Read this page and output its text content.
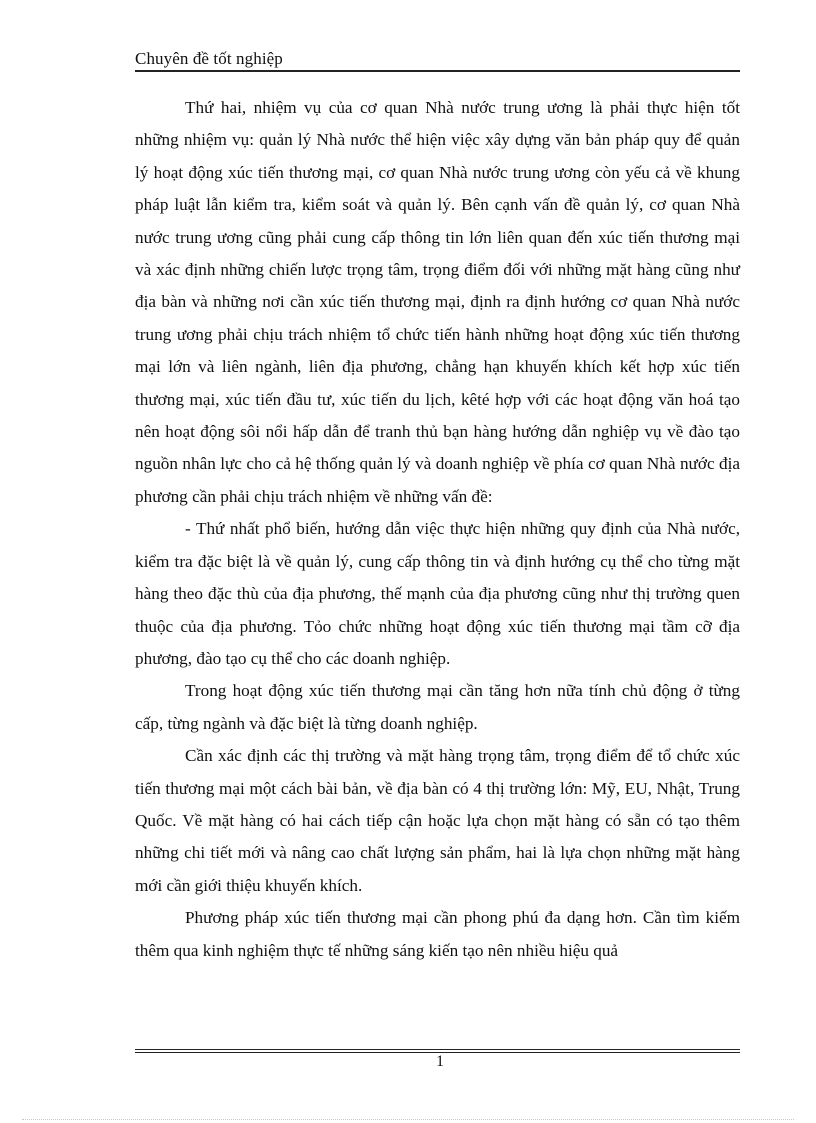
Chuyên đề tốt nghiệp

Thứ hai, nhiệm vụ của cơ quan Nhà nước trung ương là phải thực hiện tốt những nhiệm vụ: quản lý Nhà nước thể hiện việc xây dựng văn bản pháp quy để quản lý hoạt động xúc tiến thương mại, cơ quan Nhà nước trung ương còn yếu cả về khung pháp luật lẫn kiểm tra, kiểm soát và quản lý. Bên cạnh vấn đề quản lý, cơ quan Nhà nước trung ương cũng phải cung cấp thông tin lớn liên quan đến xúc tiến thương mại và xác định những chiến lược trọng tâm, trọng điểm đối với những mặt hàng cũng như địa bàn và những nơi cần xúc tiến thương mại, định ra định hướng cơ quan Nhà nước trung ương phải chịu trách nhiệm tổ chức tiến hành những hoạt động xúc tiến thương mại lớn và liên ngành, liên địa phương, chẳng hạn khuyến khích kết hợp xúc tiến thương mại, xúc tiến đầu tư, xúc tiến du lịch, kêté hợp với các hoạt động văn hoá tạo nên hoạt động sôi nổi hấp dẫn để tranh thủ bạn hàng hướng dẫn nghiệp vụ về đào tạo nguồn nhân lực cho cả hệ thống quản lý và doanh nghiệp về phía cơ quan Nhà nước địa phương cần phải chịu trách nhiệm về những vấn đề:

- Thứ nhất phổ biến, hướng dẫn việc thực hiện những quy định của Nhà nước, kiểm tra đặc biệt là về quản lý, cung cấp thông tin và định hướng cụ thể cho từng mặt hàng theo đặc thù của địa phương, thế mạnh của địa phương cũng như thị trường quen thuộc của địa phương. Tỏo chức những hoạt động xúc tiến thương mại tầm cỡ địa phương, đào tạo cụ thể cho các doanh nghiệp.

Trong hoạt động xúc tiến thương mại cần tăng hơn nữa tính chủ động ở từng cấp, từng ngành và đặc biệt là từng doanh nghiệp.

Cần xác định các thị trường và mặt hàng trọng tâm, trọng điểm để tổ chức xúc tiến thương mại một cách bài bản, về địa bàn có 4 thị trường lớn: Mỹ, EU, Nhật, Trung Quốc. Về mặt hàng có hai cách tiếp cận hoặc lựa chọn mặt hàng có sẵn có tạo thêm những chi tiết mới và nâng cao chất lượng sản phẩm, hai là lựa chọn những mặt hàng mới cần giới thiệu khuyến khích.

Phương pháp xúc tiến thương mại cần phong phú đa dạng hơn. Cần tìm kiếm thêm qua kinh nghiệm thực tế những sáng kiến tạo nên nhiều hiệu quả

1
